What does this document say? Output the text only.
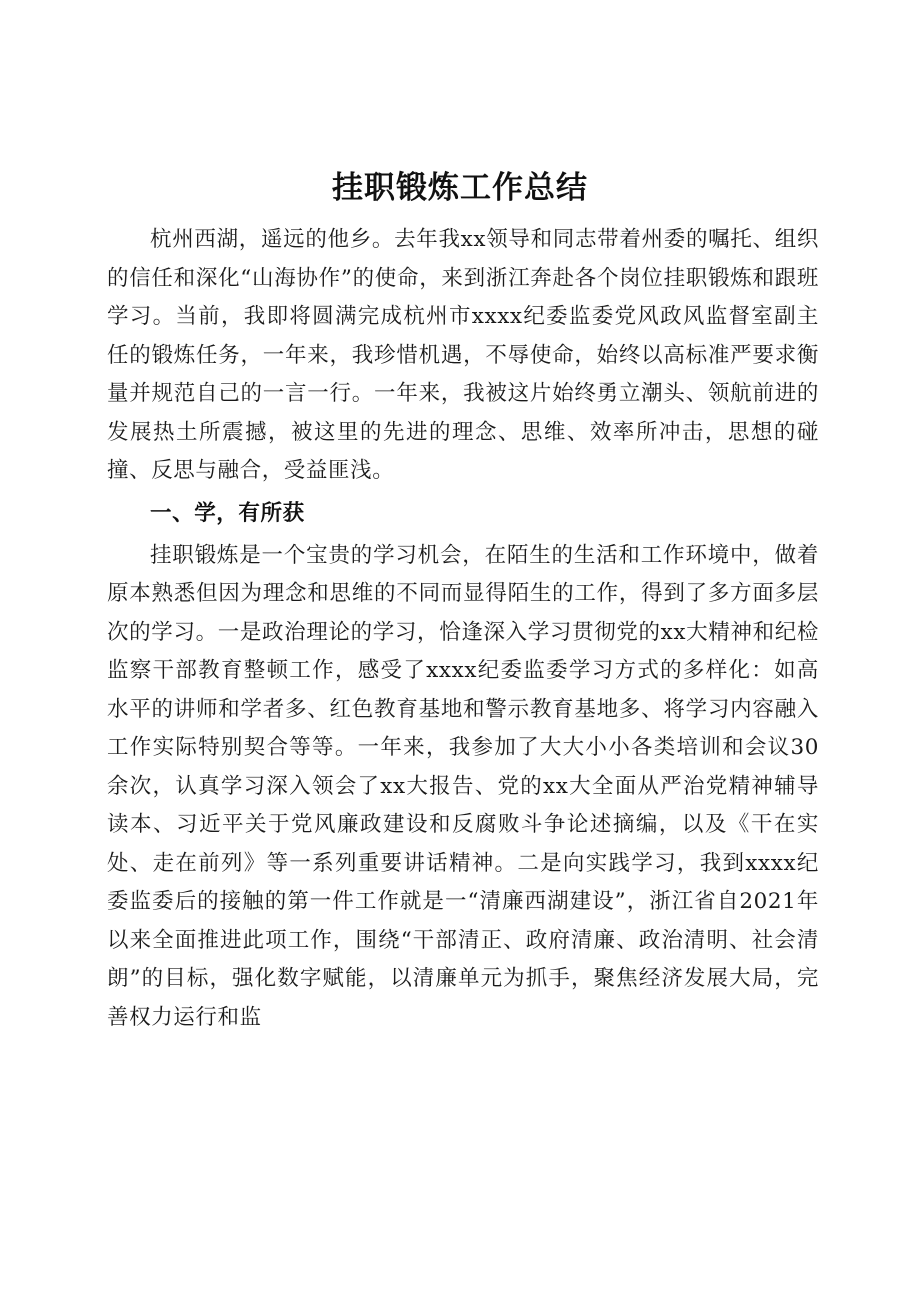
挂职锻炼工作总结

杭州西湖，遥远的他乡。去年我xx领导和同志带着州委的嘱托、组织的信任和深化“山海协作”的使命，来到浙江奔赴各个岗位挂职锻炼和跟班学习。当前，我即将圆满完成杭州市xxxx纪委监委党风政风监督室副主任的锻炼任务，一年来，我珍惜机遇，不辱使命，始终以高标准严要求衡量并规范自己的一言一行。一年来，我被这片始终勇立潮头、领航前进的发展热土所震撼，被这里的先进的理念、思维、效率所冲击，思想的碰撞、反思与融合，受益匪浅。

一、学，有所获

挂职锻炼是一个宝贵的学习机会，在陌生的生活和工作环境中，做着原本熟悉但因为理念和思维的不同而显得陌生的工作，得到了多方面多层次的学习。一是政治理论的学习，恰逢深入学习贯彻党的xx大精神和纪检监察干部教育整顿工作，感受了xxxx纪委监委学习方式的多样化：如高水平的讲师和学者多、红色教育基地和警示教育基地多、将学习内容融入工作实际特别契合等等。一年来，我参加了大大小小各类培训和会议30余次，认真学习深入领会了xx大报告、党的xx大全面从严治党精神辅导读本、习近平关于党风廉政建设和反腐败斗争论述摘编，以及《干在实处、走在前列》等一系列重要讲话精神。二是向实践学习，我到xxxx纪委监委后的接触的第一件工作就是一“清廉西湖建设”，浙江省自2021年以来全面推进此项工作，围绕“干部清正、政府清廉、政治清明、社会清朗”的目标，强化数字赋能，以清廉单元为抓手，聚焦经济发展大局，完善权力运行和监
